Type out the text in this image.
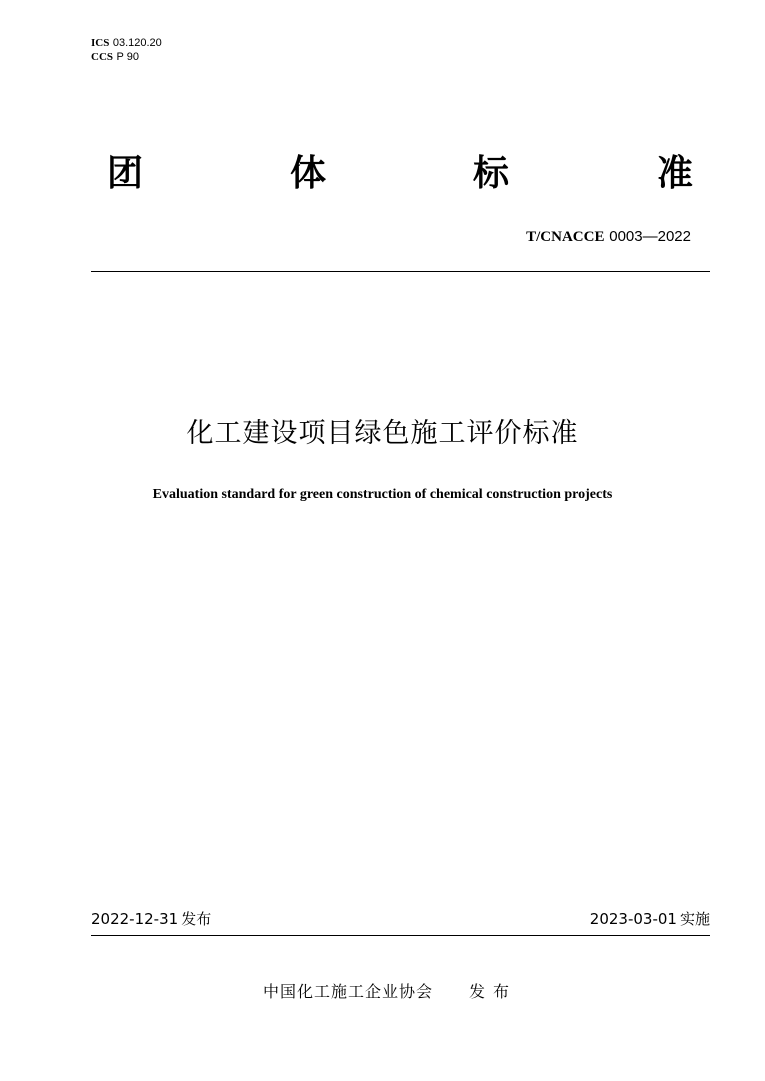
ICS 03.120.20
CCS P 90
团	体	标	准
T/CNACCE 0003—2022
化工建设项目绿色施工评价标准
Evaluation standard for green construction of chemical construction projects
2022-12-31 发布	2023-03-01 实施
中国化工施工企业协会 发布
